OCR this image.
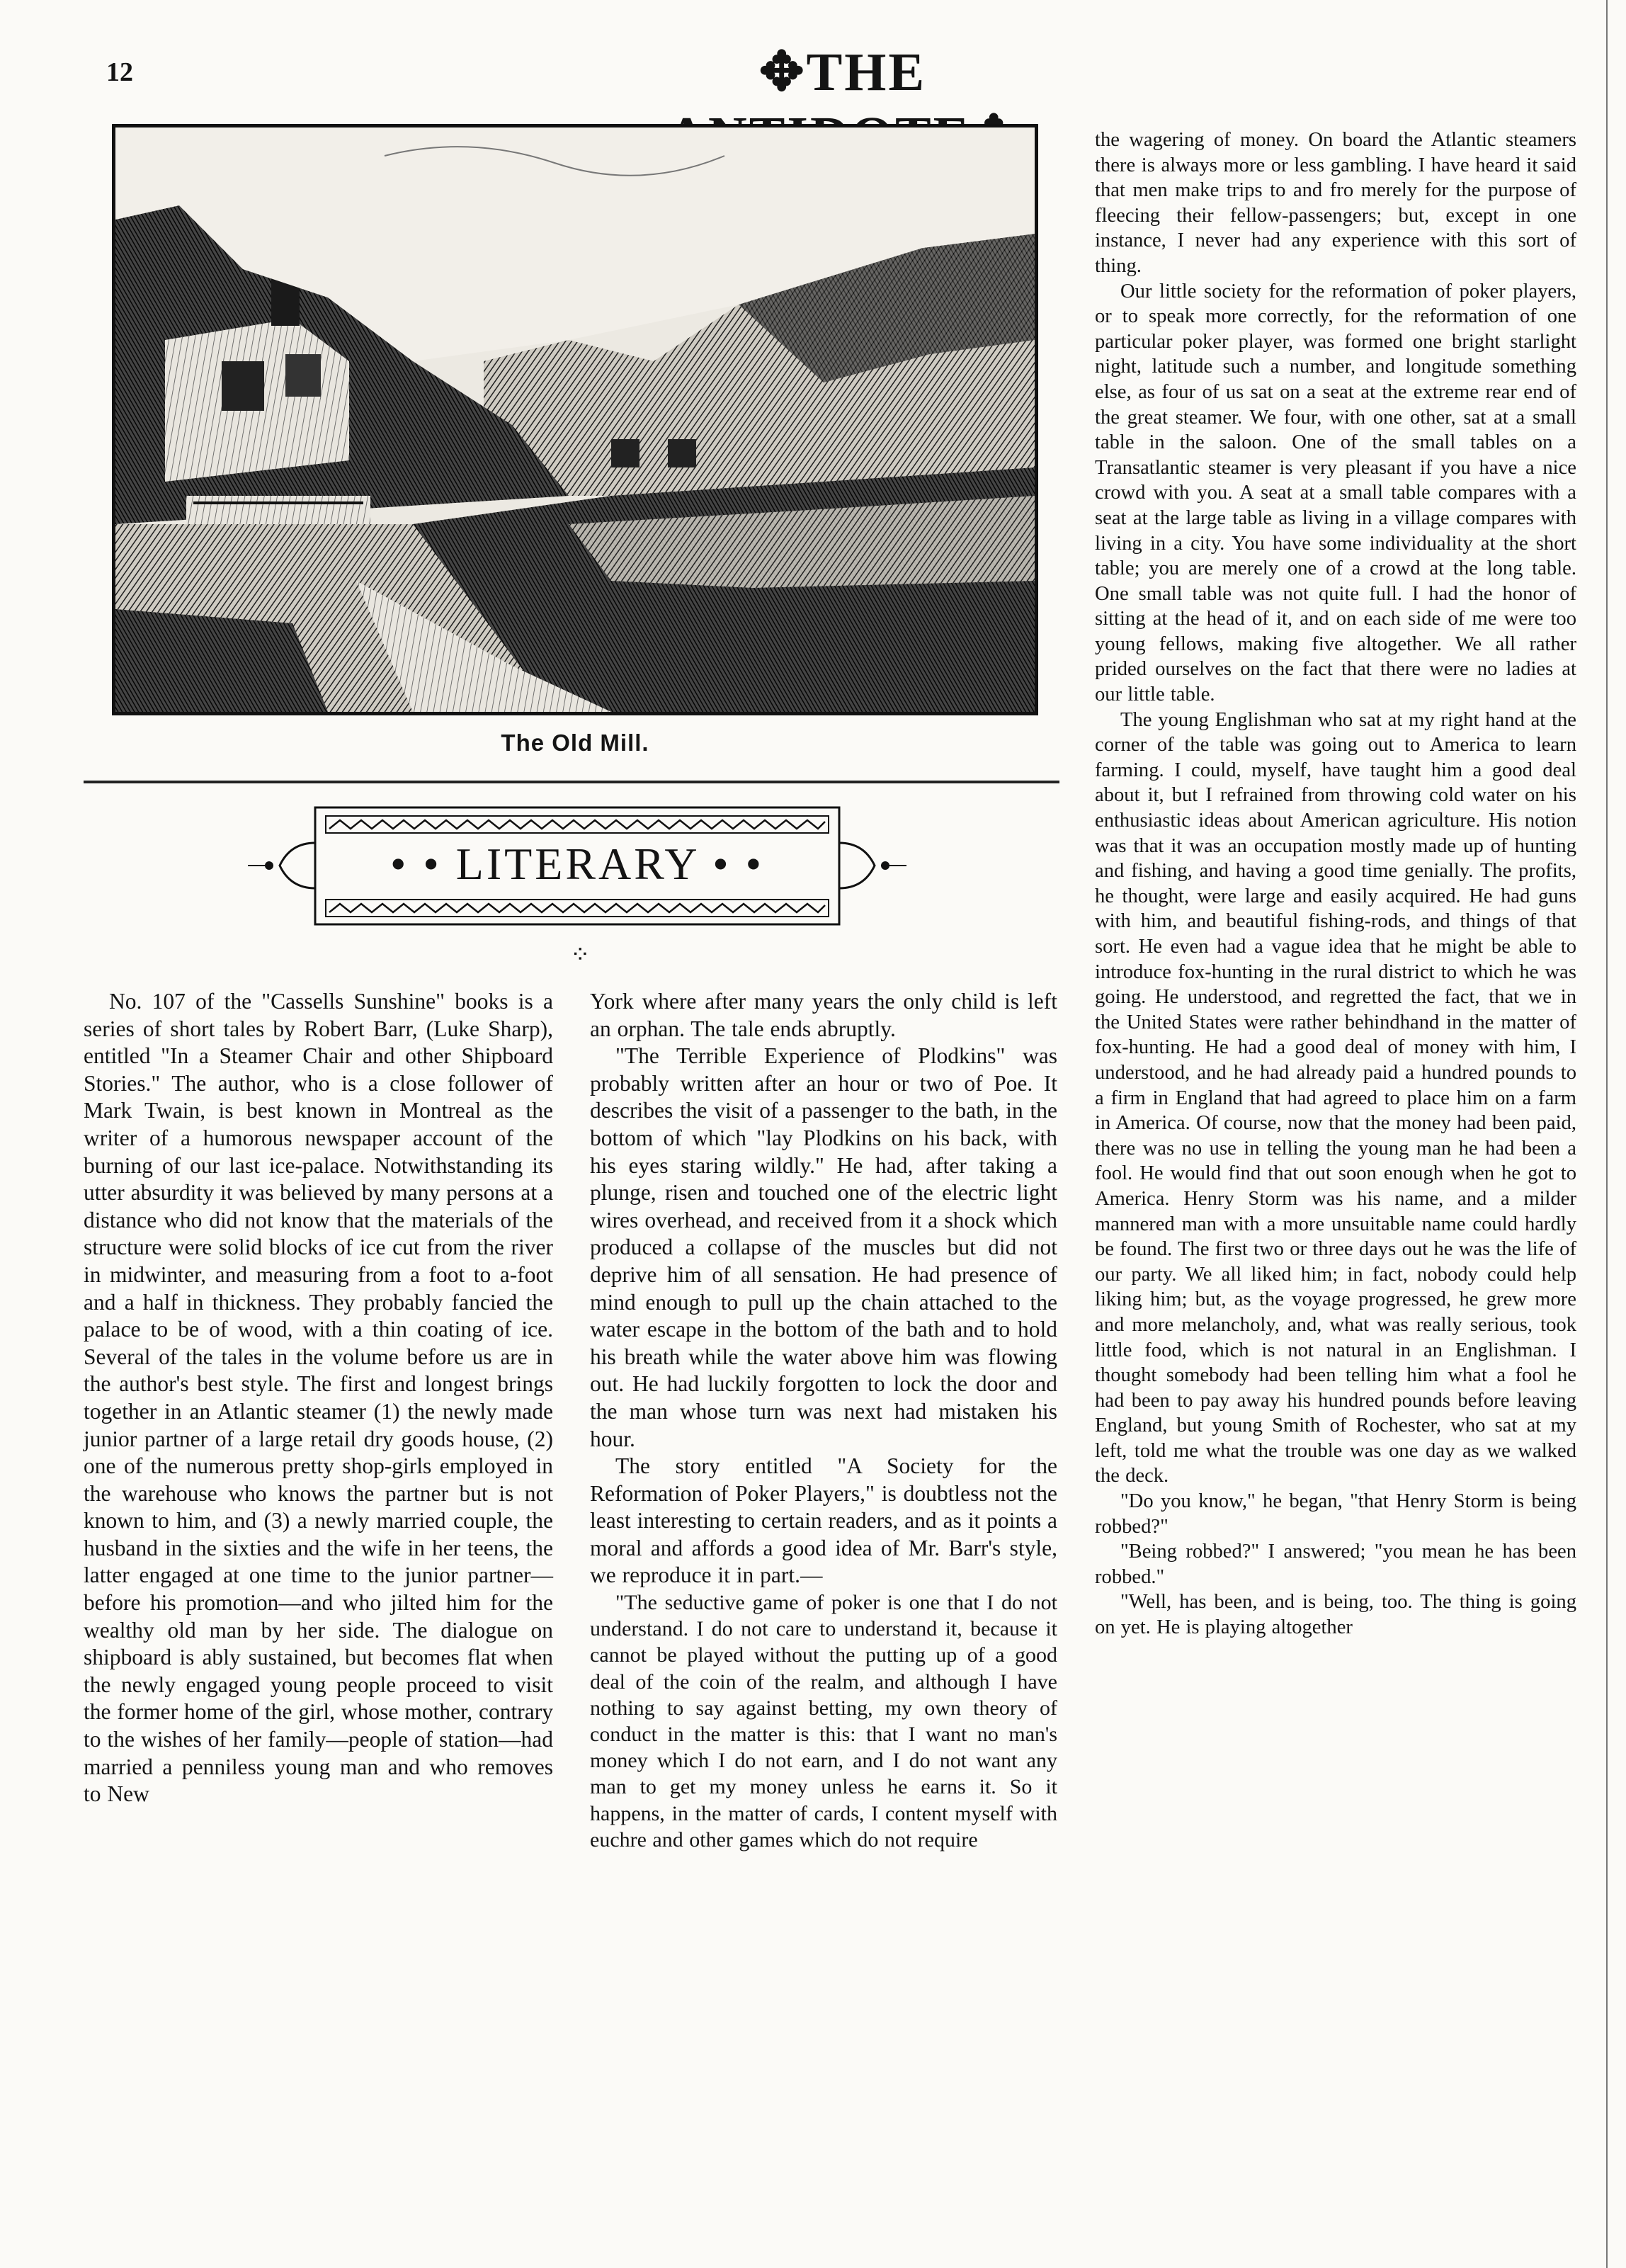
12	✥THE
The Old Mill.
• • LITERARY • •
⁘

No. 107 of the "Cassells Sunshine" books is a series of short tales by Robert Barr, (Luke Sharp), entitled "In a Steamer Chair and other Shipboard Stories." The author, who is a close follower of Mark Twain, is best known in Montreal as the writer of a humorous newspaper account of the burning of our last ice-palace. Notwithstanding its utter absurdity it was believed by many persons at a distance who did not know that the materials of the structure were solid blocks of ice cut from the river in midwinter, and measuring from a foot to a-foot and a half in thickness. They probably fancied the palace to be of wood, with a thin coating of ice. Several of the tales in the volume before us are in the author's best style. The first and longest brings together in an Atlantic steamer (1) the newly made junior partner of a large retail dry goods house, (2) one of the numerous pretty shop-girls employed in the warehouse who knows the partner but is not known to him, and (3) a newly married couple, the husband in the sixties and the wife in her teens, the latter engaged at one time to the junior partner—before his promotion—and who jilted him for the wealthy old man by her side. The dialogue on shipboard is ably sustained, but becomes flat when the newly engaged young people proceed to visit the former home of the girl, whose mother, contrary to the wishes of her family—people of station—had married a penniless young man and who removes to New

York where after many years the only child is left an orphan. The tale ends abruptly.

"The Terrible Experience of Plodkins" was probably written after an hour or two of Poe. It describes the visit of a passenger to the bath, in the bottom of which "lay Plodkins on his back, with his eyes staring wildly." He had, after taking a plunge, risen and touched one of the electric light wires overhead, and received from it a shock which produced a collapse of the muscles but did not deprive him of all sensation. He had presence of mind enough to pull up the chain attached to the water escape in the bottom of the bath and to hold his breath while the water above him was flowing out. He had luckily forgotten to lock the door and the man whose turn was next had mistaken his hour.

The story entitled "A Society for the Reformation of Poker Players," is doubtless not the least interesting to certain readers, and as it points a moral and affords a good idea of Mr. Barr's style, we reproduce it in part.—

"The seductive game of poker is one that I do not understand. I do not care to understand it, because it cannot be played without the putting up of a good deal of the coin of the realm, and although I have nothing to say against betting, my own theory of conduct in the matter is this: that I want no man's money which I do not earn, and I do not want any man to get my money unless he earns it. So it happens, in the matter of cards, I content myself with euchre and other games which do not require

the wagering of money. On board the Atlantic steamers there is always more or less gambling. I have heard it said that men make trips to and fro merely for the purpose of fleecing their fellow-passengers; but, except in one instance, I never had any experience with this sort of thing.

Our little society for the reformation of poker players, or to speak more correctly, for the reformation of one particular poker player, was formed one bright starlight night, latitude such a number, and longitude something else, as four of us sat on a seat at the extreme rear end of the great steamer. We four, with one other, sat at a small table in the saloon. One of the small tables on a Transatlantic steamer is very pleasant if you have a nice crowd with you. A seat at a small table compares with a seat at the large table as living in a village compares with living in a city. You have some individuality at the short table; you are merely one of a crowd at the long table. One small table was not quite full. I had the honor of sitting at the head of it, and on each side of me were too young fellows, making five altogether. We all rather prided ourselves on the fact that there were no ladies at our little table.

The young Englishman who sat at my right hand at the corner of the table was going out to America to learn farming. I could, myself, have taught him a good deal about it, but I refrained from throwing cold water on his enthusiastic ideas about American agriculture. His notion was that it was an occupation mostly made up of hunting and fishing, and having a good time genially. The profits, he thought, were large and easily acquired. He had guns with him, and beautiful fishing-rods, and things of that sort. He even had a vague idea that he might be able to introduce fox-hunting in the rural district to which he was going. He understood, and regretted the fact, that we in the United States were rather behindhand in the matter of fox-hunting. He had a good deal of money with him, I understood, and he had already paid a hundred pounds to a firm in England that had agreed to place him on a farm in America. Of course, now that the money had been paid, there was no use in telling the young man he had been a fool. He would find that out soon enough when he got to America. Henry Storm was his name, and a milder mannered man with a more unsuitable name could hardly be found. The first two or three days out he was the life of our party. We all liked him; in fact, nobody could help liking him; but, as the voyage progressed, he grew more and more melancholy, and, what was really serious, took little food, which is not natural in an Englishman. I thought somebody had been telling him what a fool he had been to pay away his hundred pounds before leaving England, but young Smith of Rochester, who sat at my left, told me what the trouble was one day as we walked the deck.

"Do you know," he began, "that Henry Storm is being robbed?"

"Being robbed?" I answered; "you mean he has been robbed."

"Well, has been, and is being, too. The thing is going on yet. He is playing altogether
